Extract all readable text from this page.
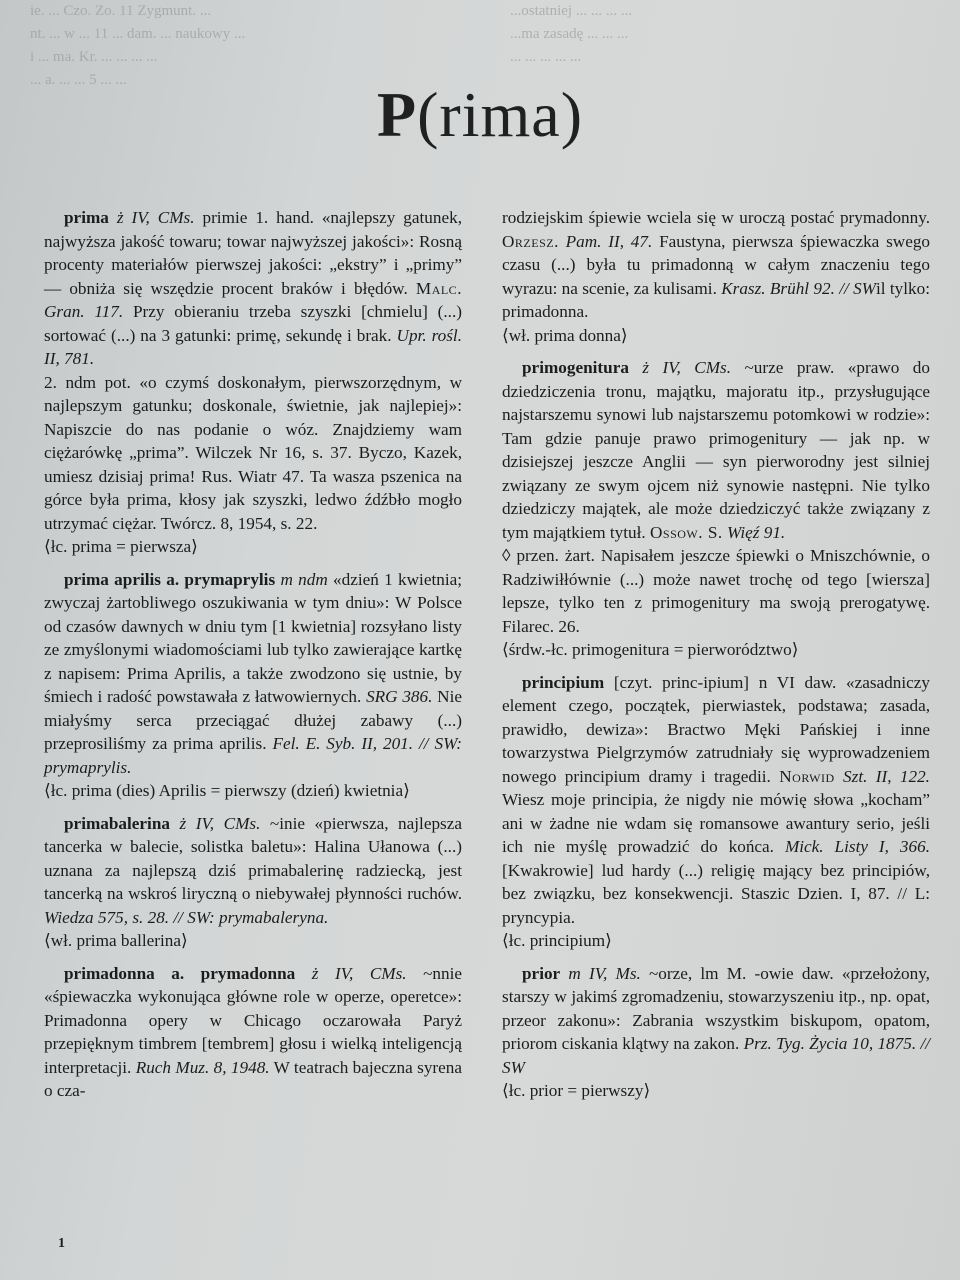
ie. ... Czo. Zo. 11 Zygmunt. ...
nt. ... w ... 11 ... dam. ... naukowy ...
i ... ma. Kr. ... ... ... ...
... a. ... ... 5 ... ...
...ostatniej ... ... ... ...
...ma zasadę ... ... ...
... ... ... ... ...
P(rima)

prima ż IV, CMs. primie 1. hand. «najlepszy gatunek, najwyższa jakość towaru; towar najwyższej jakości»: Rosną procenty materiałów pierwszej jakości: „ekstry” i „primy” — obniża się wszędzie procent braków i błędów. Malc. Gran. 117. Przy obieraniu trzeba szyszki [chmielu] (...) sortować (...) na 3 gatunki: primę, sekundę i brak. Upr. rośl. II, 781.

2. ndm pot. «o czymś doskonałym, pierwszorzędnym, w najlepszym gatunku; doskonale, świetnie, jak najlepiej»: Napiszcie do nas podanie o wóz. Znajdziemy wam ciężarówkę „prima”. Wilczek Nr 16, s. 37. Byczo, Kazek, umiesz dzisiaj prima! Rus. Wiatr 47. Ta wasza pszenica na górce była prima, kłosy jak szyszki, ledwo źdźbło mogło utrzymać ciężar. Twórcz. 8, 1954, s. 22.

⟨łc. prima = pierwsza⟩

prima aprilis a. prymaprylis m ndm «dzień 1 kwietnia; zwyczaj żartobliwego oszukiwania w tym dniu»: W Polsce od czasów dawnych w dniu tym [1 kwietnia] rozsyłano listy ze zmyślonymi wiadomościami lub tylko zawierające kartkę z napisem: Prima Aprilis, a także zwodzono się ustnie, by śmiech i radość powstawała z łatwowiernych. SRG 386. Nie miałyśmy serca przeciągać dłużej zabawy (...) przeprosiliśmy za prima aprilis. Fel. E. Syb. II, 201. // SW: prymaprylis.

⟨łc. prima (dies) Aprilis = pierwszy (dzień) kwietnia⟩

primabalerina ż IV, CMs. ~inie «pierwsza, najlepsza tancerka w balecie, solistka baletu»: Halina Ułanowa (...) uznana za najlepszą dziś primabalerinę radziecką, jest tancerką na wskroś liryczną o niebywałej płynności ruchów. Wiedza 575, s. 28. // SW: prymabaleryna.

⟨wł. prima ballerina⟩

primadonna a. prymadonna ż IV, CMs. ~nnie «śpiewaczka wykonująca główne role w operze, operetce»: Primadonna opery w Chicago oczarowała Paryż przepięknym timbrem [tembrem] głosu i wielką inteligencją interpretacji. Ruch Muz. 8, 1948. W teatrach bajeczna syrena o cza-

rodziejskim śpiewie wciela się w uroczą postać prymadonny. Orzesz. Pam. II, 47. Faustyna, pierwsza śpiewaczka swego czasu (...) była tu primadonną w całym znaczeniu tego wyrazu: na scenie, za kulisami. Krasz. Brühl 92. // SWil tylko: primadonna.

⟨wł. prima donna⟩

primogenitura ż IV, CMs. ~urze praw. «prawo do dziedziczenia tronu, majątku, majoratu itp., przysługujące najstarszemu synowi lub najstarszemu potomkowi w rodzie»: Tam gdzie panuje prawo primogenitury — jak np. w dzisiejszej jeszcze Anglii — syn pierworodny jest silniej związany ze swym ojcem niż synowie następni. Nie tylko dziedziczy majątek, ale może dziedziczyć także związany z tym majątkiem tytuł. Ossow. S. Więź 91.

◊ przen. żart. Napisałem jeszcze śpiewki o Mniszchównie, o Radziwiłłównie (...) może nawet trochę od tego [wiersza] lepsze, tylko ten z primogenitury ma swoją prerogatywę. Filarec. 26.

⟨śrdw.-łc. primogenitura = pierworództwo⟩

principium [czyt. princ-ipium] n VI daw. «zasadniczy element czego, początek, pierwiastek, podstawa; zasada, prawidło, dewiza»: Bractwo Męki Pańskiej i inne towarzystwa Pielgrzymów zatrudniały się wyprowadzeniem nowego principium dramy i tragedii. Norwid Szt. II, 122. Wiesz moje principia, że nigdy nie mówię słowa „kocham” ani w żadne nie wdam się romansowe awantury serio, jeśli ich nie myślę prowadzić do końca. Mick. Listy I, 366. [Kwakrowie] lud hardy (...) religię mający bez principiów, bez związku, bez konsekwencji. Staszic Dzien. I, 87. // L: pryncypia.

⟨łc. principium⟩

prior m IV, Ms. ~orze, lm M. -owie daw. «przełożony, starszy w jakimś zgromadzeniu, stowarzyszeniu itp., np. opat, przeor zakonu»: Zabrania wszystkim biskupom, opatom, priorom ciskania klątwy na zakon. Prz. Tyg. Życia 10, 1875. // SW

⟨łc. prior = pierwszy⟩

1
